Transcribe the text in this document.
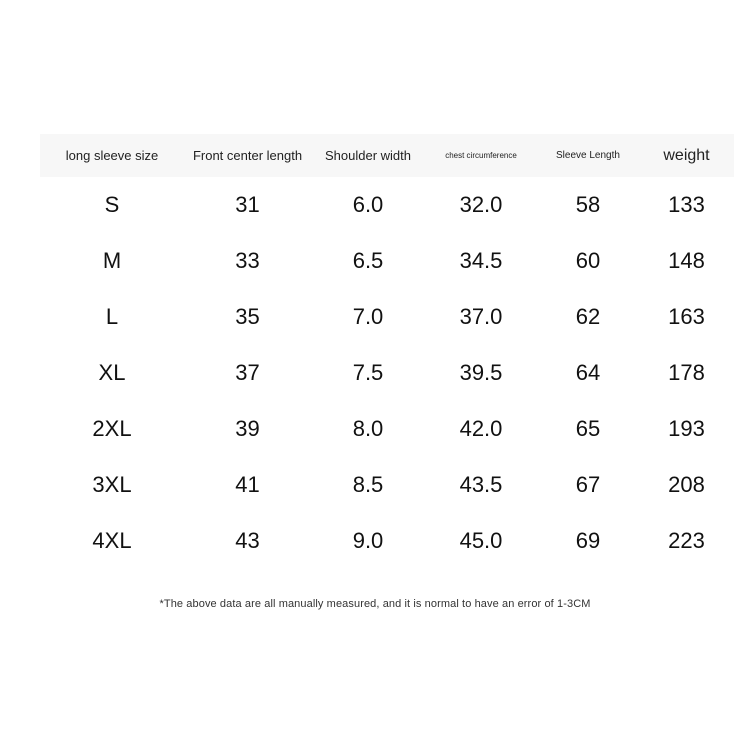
long sleeve size	Front center length	Shoulder width	chest circumference	Sleeve Length	weight
S	31	6.0	32.0	58	133
M	33	6.5	34.5	60	148
L	35	7.0	37.0	62	163
XL	37	7.5	39.5	64	178
2XL	39	8.0	42.0	65	193
3XL	41	8.5	43.5	67	208
4XL	43	9.0	45.0	69	223
*The above data are all manually measured, and it is normal to have an error of 1-3CM
